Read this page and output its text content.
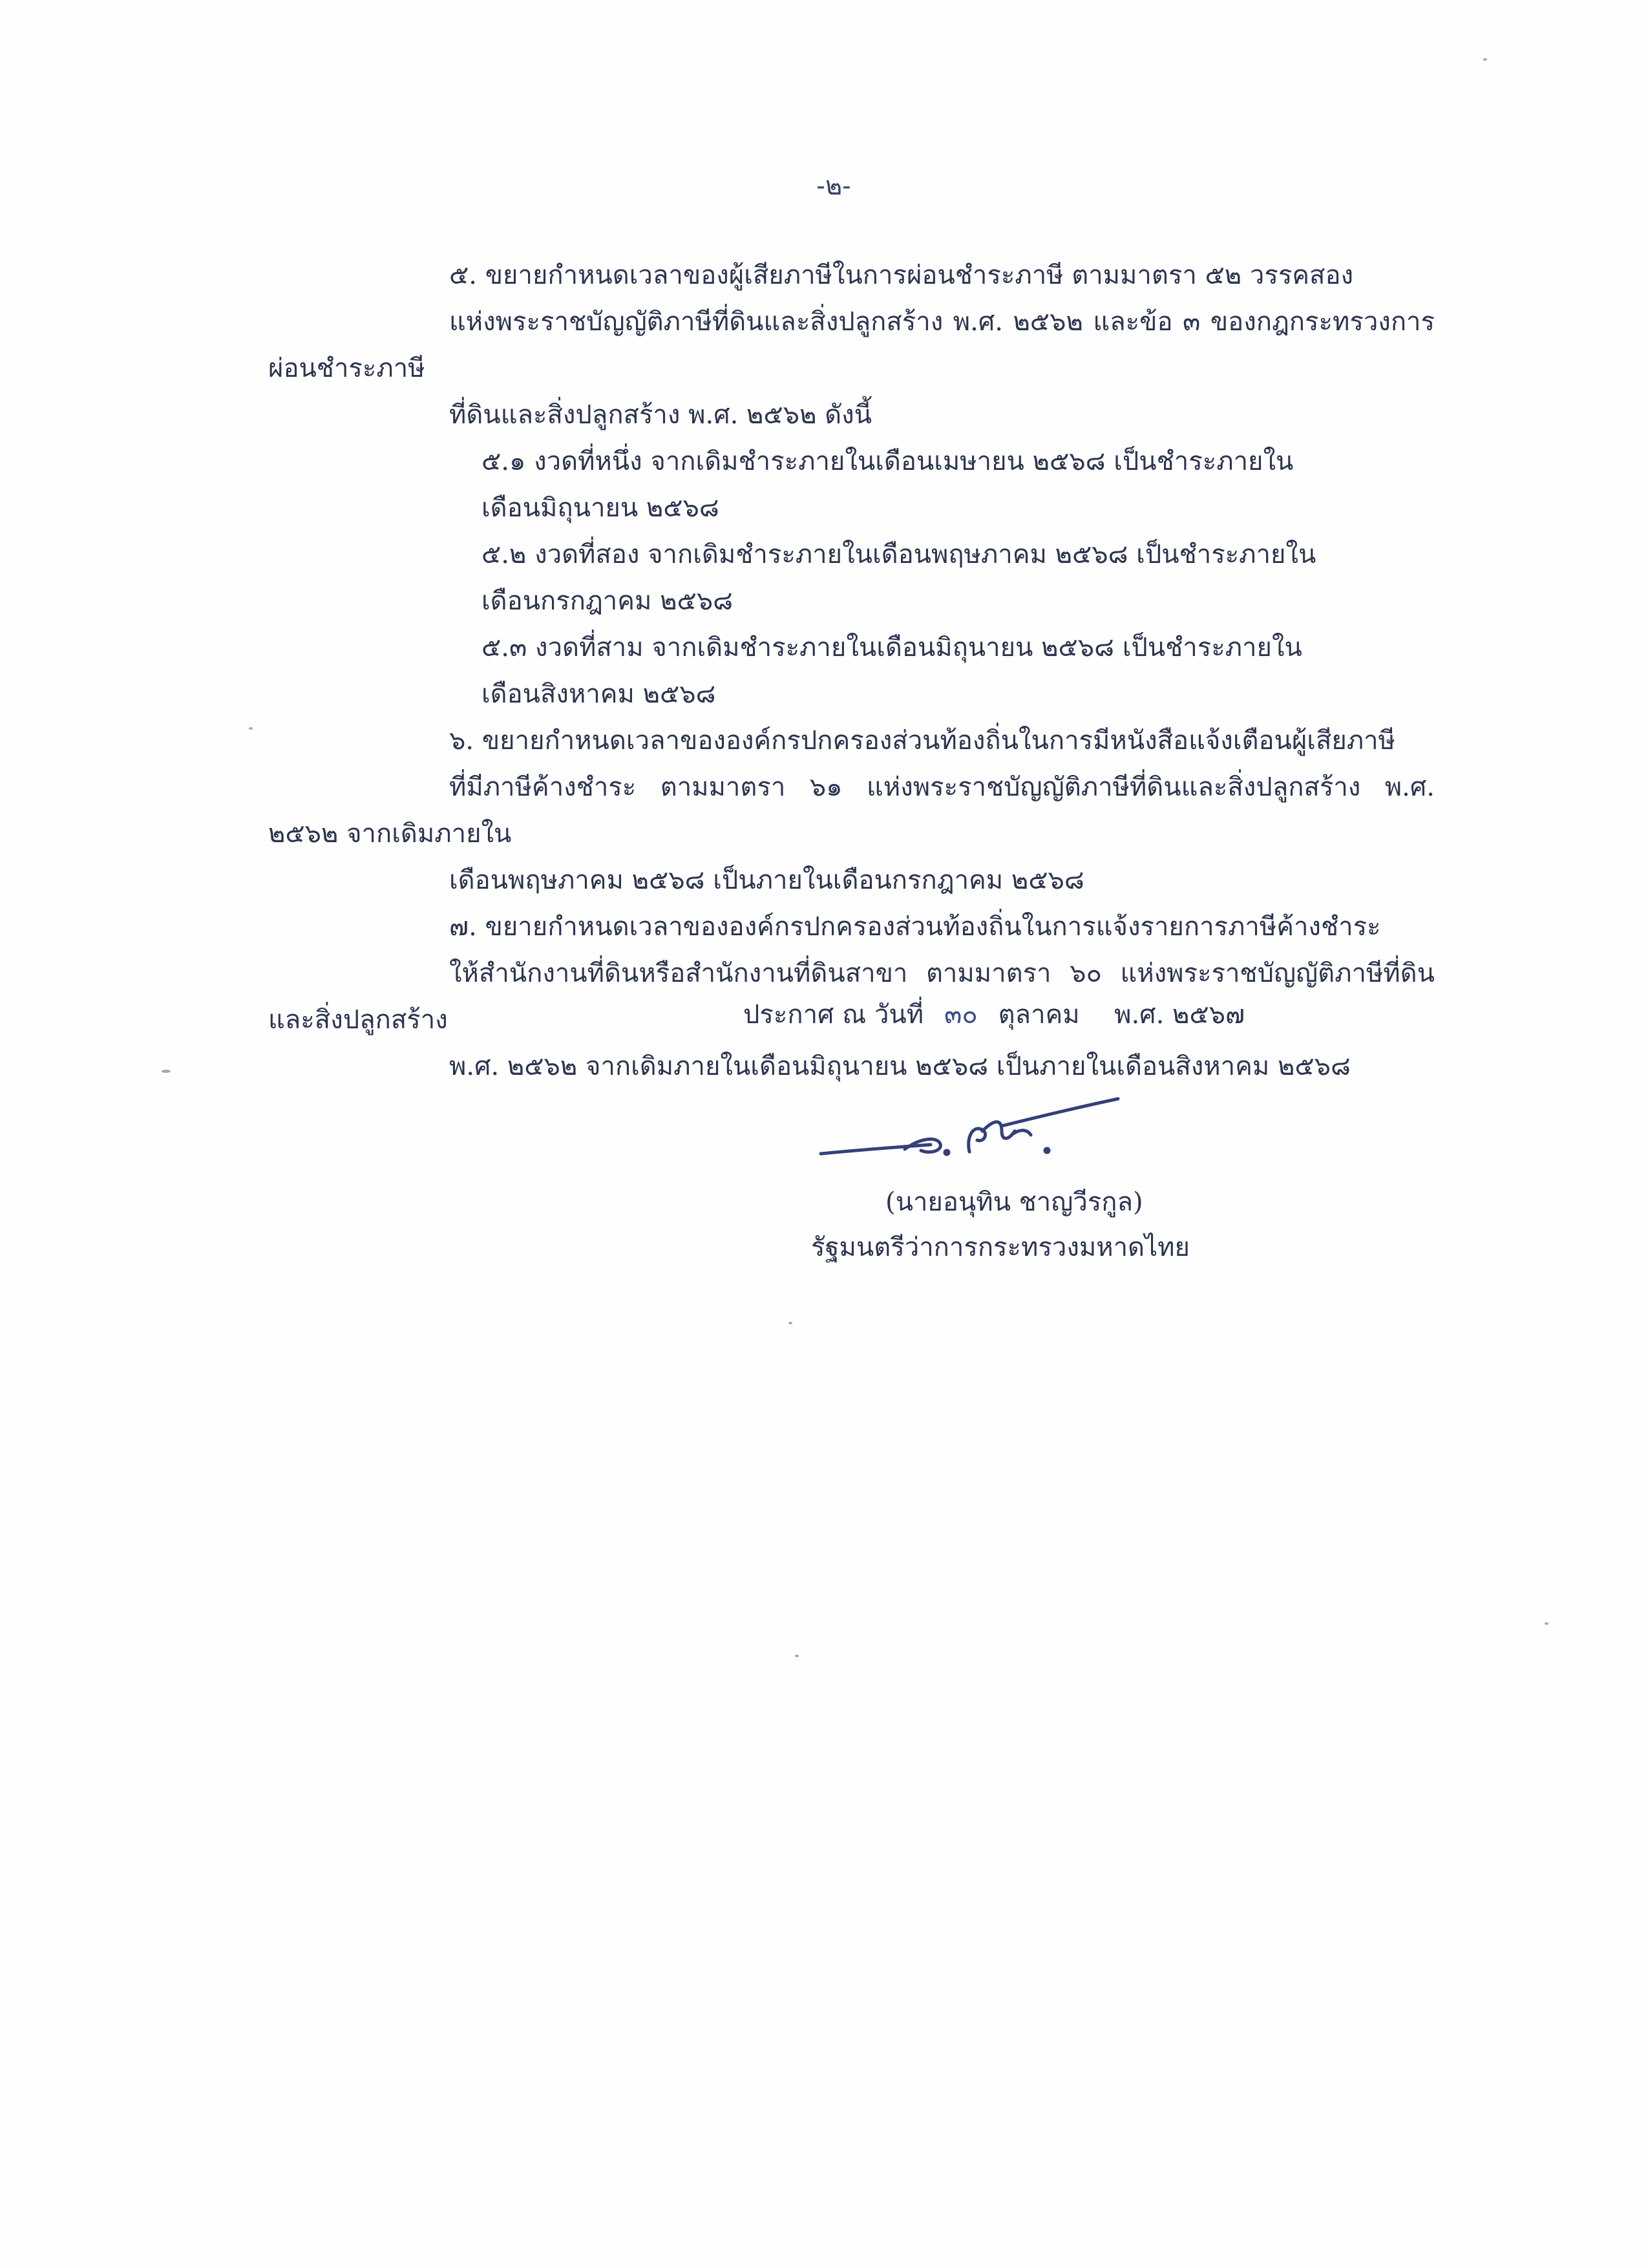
-๒-

๕. ขยายกำหนดเวลาของผู้เสียภาษีในการผ่อนชำระภาษี ตามมาตรา ๕๒ วรรคสอง
แห่งพระราชบัญญัติภาษีที่ดินและสิ่งปลูกสร้าง พ.ศ. ๒๕๖๒ และข้อ ๓ ของกฎกระทรวงการผ่อนชำระภาษี
ที่ดินและสิ่งปลูกสร้าง พ.ศ. ๒๕๖๒ ดังนี้

๕.๑ งวดที่หนึ่ง จากเดิมชำระภายในเดือนเมษายน ๒๕๖๘ เป็นชำระภายใน
เดือนมิถุนายน ๒๕๖๘

๕.๒ งวดที่สอง จากเดิมชำระภายในเดือนพฤษภาคม ๒๕๖๘ เป็นชำระภายใน
เดือนกรกฎาคม ๒๕๖๘

๕.๓ งวดที่สาม จากเดิมชำระภายในเดือนมิถุนายน ๒๕๖๘ เป็นชำระภายใน
เดือนสิงหาคม ๒๕๖๘

๖. ขยายกำหนดเวลาขององค์กรปกครองส่วนท้องถิ่นในการมีหนังสือแจ้งเตือนผู้เสียภาษี
ที่มีภาษีค้างชำระ ตามมาตรา ๖๑ แห่งพระราชบัญญัติภาษีที่ดินและสิ่งปลูกสร้าง พ.ศ. ๒๕๖๒ จากเดิมภายใน
เดือนพฤษภาคม ๒๕๖๘ เป็นภายในเดือนกรกฎาคม ๒๕๖๘

๗. ขยายกำหนดเวลาขององค์กรปกครองส่วนท้องถิ่นในการแจ้งรายการภาษีค้างชำระ
ให้สำนักงานที่ดินหรือสำนักงานที่ดินสาขา ตามมาตรา ๖๐ แห่งพระราชบัญญัติภาษีที่ดินและสิ่งปลูกสร้าง
พ.ศ. ๒๕๖๒ จากเดิมภายในเดือนมิถุนายน ๒๕๖๘ เป็นภายในเดือนสิงหาคม ๒๕๖๘

ประกาศ ณ วันที่ ๓๐ ตุลาคม พ.ศ. ๒๕๖๗
(นายอนุทิน ชาญวีรกูล)
รัฐมนตรีว่าการกระทรวงมหาดไทย
